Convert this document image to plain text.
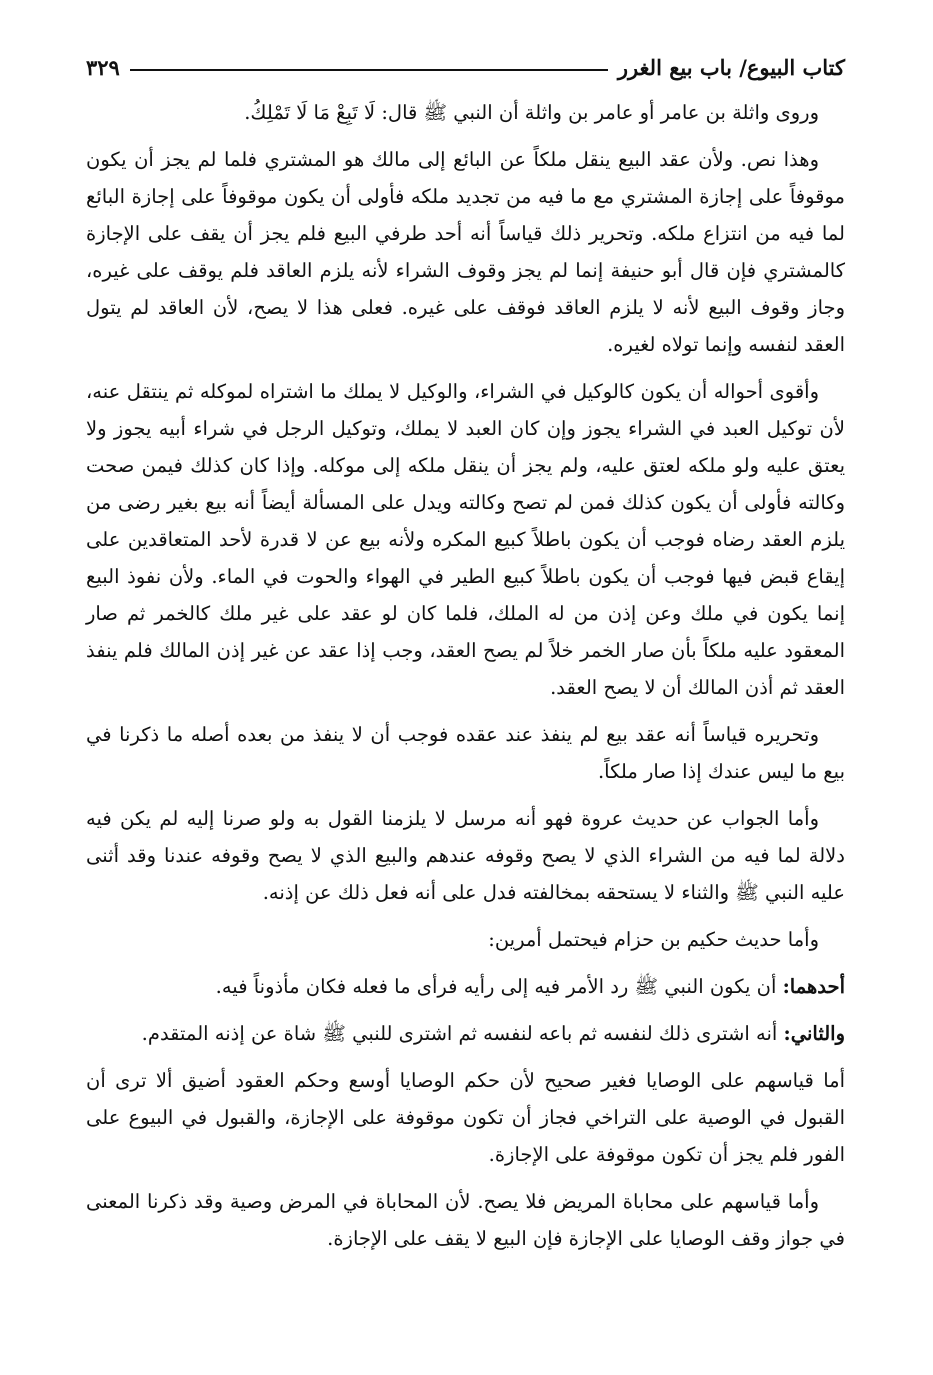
كتاب البيوع/ باب بيع الغرر
٣٢٩

وروى واثلة بن عامر أو عامر بن واثلة أن النبي ﷺ قال: لَا تَبِعْ مَا لَا تَمْلِكُ.

وهذا نص. ولأن عقد البيع ينقل ملكاً عن البائع إلى مالك هو المشتري فلما لم يجز أن يكون موقوفاً على إجازة المشتري مع ما فيه من تجديد ملكه فأولى أن يكون موقوفاً على إجازة البائع لما فيه من انتزاع ملكه. وتحرير ذلك قياساً أنه أحد طرفي البيع فلم يجز أن يقف على الإجازة كالمشتري فإن قال أبو حنيفة إنما لم يجز وقوف الشراء لأنه يلزم العاقد فلم يوقف على غيره، وجاز وقوف البيع لأنه لا يلزم العاقد فوقف على غيره. فعلى هذا لا يصح، لأن العاقد لم يتول العقد لنفسه وإنما تولاه لغيره.

وأقوى أحواله أن يكون كالوكيل في الشراء، والوكيل لا يملك ما اشتراه لموكله ثم ينتقل عنه، لأن توكيل العبد في الشراء يجوز وإن كان العبد لا يملك، وتوكيل الرجل في شراء أبيه يجوز ولا يعتق عليه ولو ملكه لعتق عليه، ولم يجز أن ينقل ملكه إلى موكله. وإذا كان كذلك فيمن صحت وكالته فأولى أن يكون كذلك فمن لم تصح وكالته ويدل على المسألة أيضاً أنه بيع بغير رضى من يلزم العقد رضاه فوجب أن يكون باطلاً كبيع المكره ولأنه بيع عن لا قدرة لأحد المتعاقدين على إيقاع قبض فيها فوجب أن يكون باطلاً كبيع الطير في الهواء والحوت في الماء. ولأن نفوذ البيع إنما يكون في ملك وعن إذن من له الملك، فلما كان لو عقد على غير ملك كالخمر ثم صار المعقود عليه ملكاً بأن صار الخمر خلاً لم يصح العقد، وجب إذا عقد عن غير إذن المالك فلم ينفذ العقد ثم أذن المالك أن لا يصح العقد.

وتحريره قياساً أنه عقد بيع لم ينفذ عند عقده فوجب أن لا ينفذ من بعده أصله ما ذكرنا في بيع ما ليس عندك إذا صار ملكاً.

وأما الجواب عن حديث عروة فهو أنه مرسل لا يلزمنا القول به ولو صرنا إليه لم يكن فيه دلالة لما فيه من الشراء الذي لا يصح وقوفه عندهم والبيع الذي لا يصح وقوفه عندنا وقد أثنى عليه النبي ﷺ والثناء لا يستحقه بمخالفته فدل على أنه فعل ذلك عن إذنه.

وأما حديث حكيم بن حزام فيحتمل أمرين:

أحدهما: أن يكون النبي ﷺ رد الأمر فيه إلى رأيه فرأى ما فعله فكان مأذوناً فيه.

والثاني: أنه اشترى ذلك لنفسه ثم باعه لنفسه ثم اشترى للنبي ﷺ شاة عن إذنه المتقدم.

أما قياسهم على الوصايا فغير صحيح لأن حكم الوصايا أوسع وحكم العقود أضيق ألا ترى أن القبول في الوصية على التراخي فجاز أن تكون موقوفة على الإجازة، والقبول في البيوع على الفور فلم يجز أن تكون موقوفة على الإجازة.

وأما قياسهم على محاباة المريض فلا يصح. لأن المحاباة في المرض وصية وقد ذكرنا المعنى في جواز وقف الوصايا على الإجازة فإن البيع لا يقف على الإجازة.
